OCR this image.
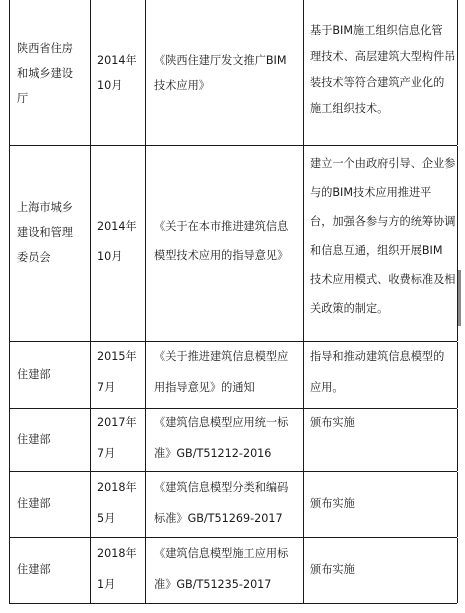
陕西省住房
和城乡建设
厅
2014年
10月
《陕西住建厅发文推广BIM
技术应用》
基于BIM施工组织信息化管
理技术、高层建筑大型构件吊
装技术等符合建筑产业化的
施工组织技术。
上海市城乡
建设和管理
委员会
2014年
10月
《关于在本市推进建筑信息
模型技术应用的指导意见》
建立一个由政府引导、企业参
与的BIM技术应用推进平
台，加强各参与方的统筹协调
和信息互通，组织开展BIM
技术应用模式、收费标准及相
关政策的制定。
住建部
2015年
7月
《关于推进建筑信息模型应
用指导意见》的通知
指导和推动建筑信息模型的
应用。
住建部
2017年
7月
《建筑信息模型应用统一标
准》GB/T51212-2016
颁布实施
住建部
2018年
5月
《建筑信息模型分类和编码
标准》GB/T51269-2017
颁布实施
住建部
2018年
1月
《建筑信息模型施工应用标
准》GB/T51235-2017
颁布实施
